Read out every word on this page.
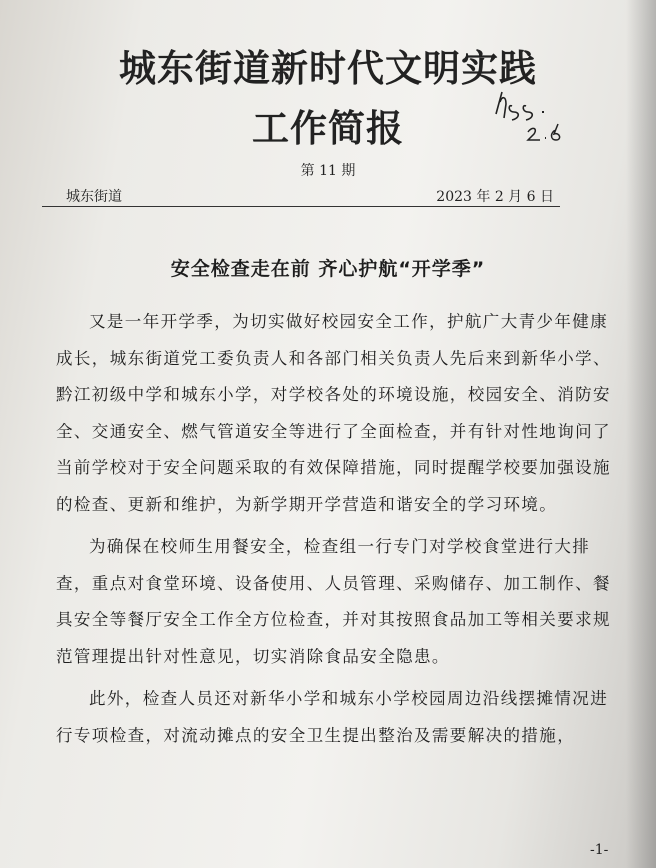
城东街道新时代文明实践
工作简报
第 11 期
城东街道	2023 年 2 月 6 日
安全检查走在前 齐心护航“开学季”

又是一年开学季，为切实做好校园安全工作，护航广大青少年健康成长，城东街道党工委负责人和各部门相关负责人先后来到新华小学、黔江初级中学和城东小学，对学校各处的环境设施，校园安全、消防安全、交通安全、燃气管道安全等进行了全面检查，并有针对性地询问了当前学校对于安全问题采取的有效保障措施，同时提醒学校要加强设施的检查、更新和维护，为新学期开学营造和谐安全的学习环境。

为确保在校师生用餐安全，检查组一行专门对学校食堂进行大排查，重点对食堂环境、设备使用、人员管理、采购储存、加工制作、餐具安全等餐厅安全工作全方位检查，并对其按照食品加工等相关要求规范管理提出针对性意见，切实消除食品安全隐患。

此外，检查人员还对新华小学和城东小学校园周边沿线摆摊情况进行专项检查，对流动摊点的安全卫生提出整治及需要解决的措施，

-1-
